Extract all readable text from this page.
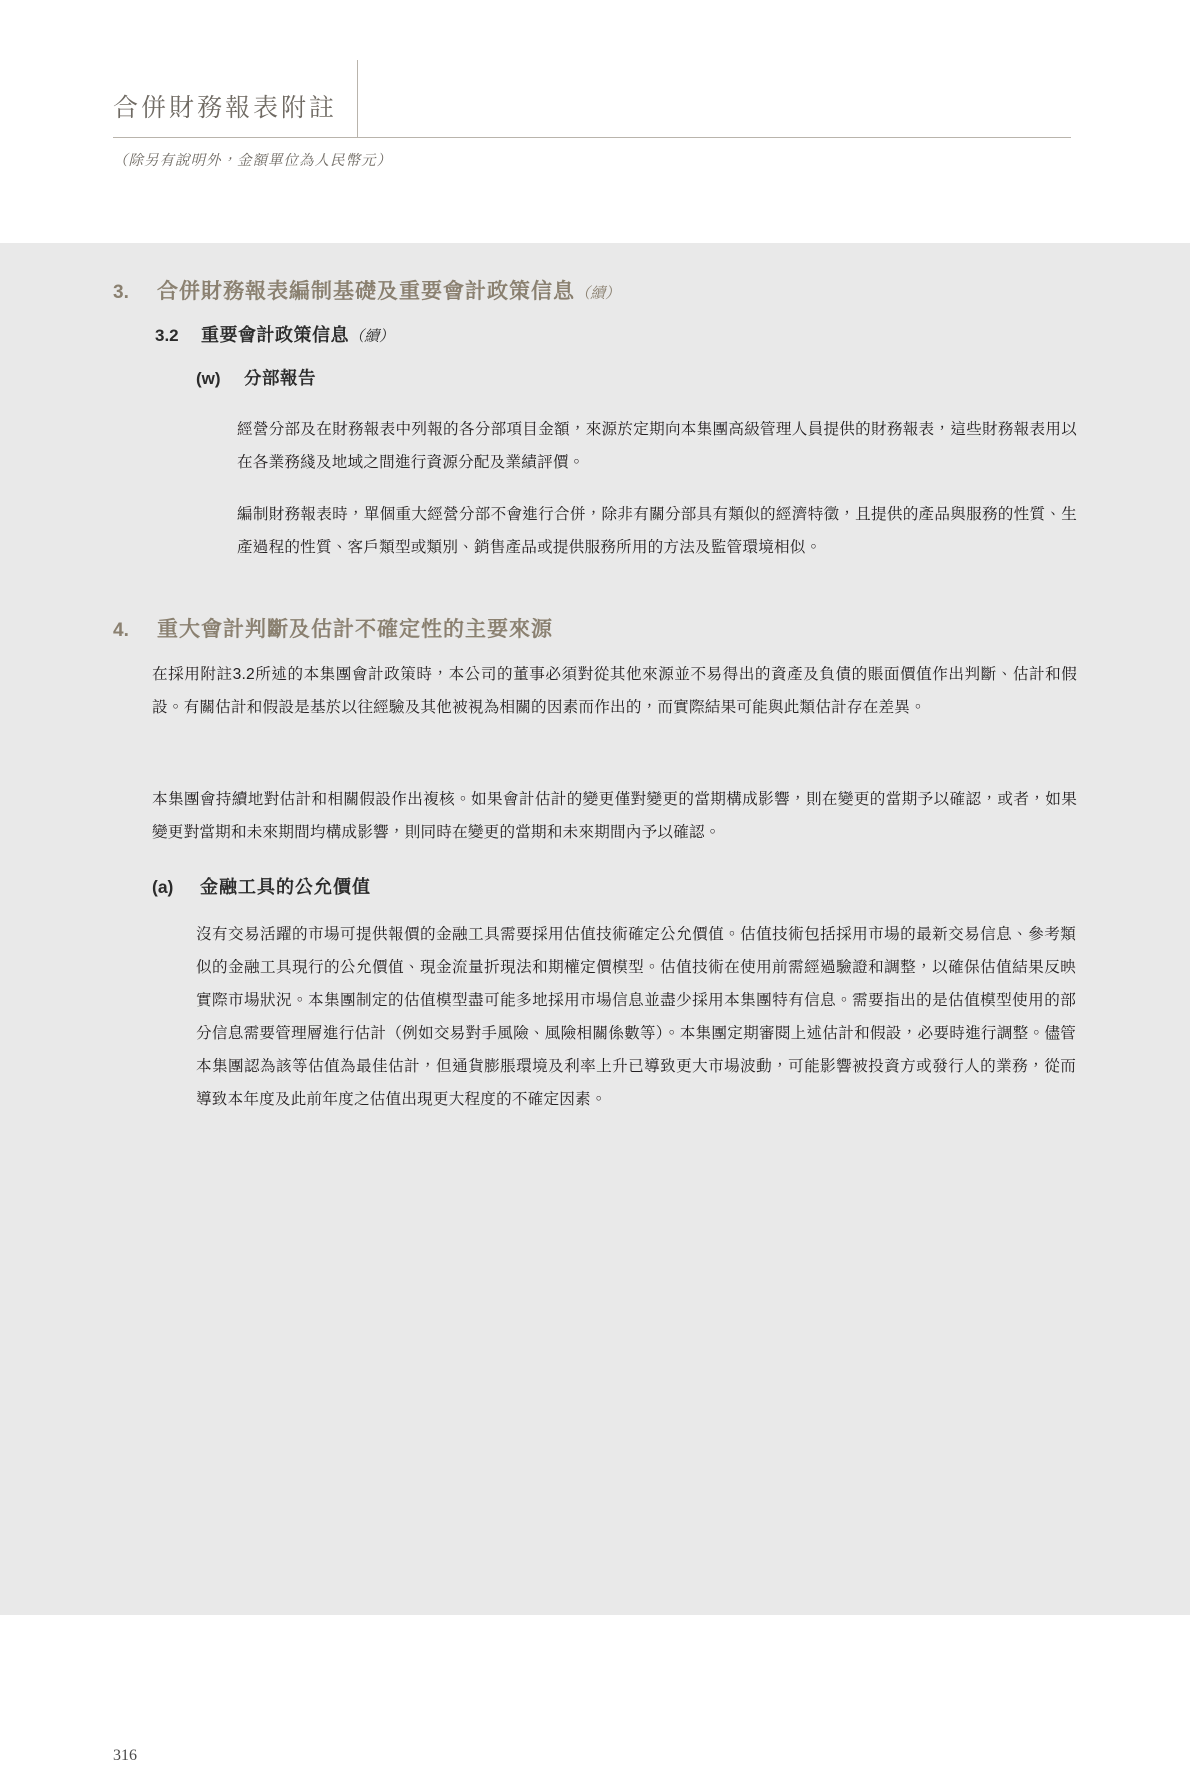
合併財務報表附註
（除另有說明外，金額單位為人民幣元）
3.	合併財務報表編制基礎及重要會計政策信息（續）
3.2	重要會計政策信息（續）
(w)	分部報告
經營分部及在財務報表中列報的各分部項目金額，來源於定期向本集團高級管理人員提供的財務報表，這些財務報表用以在各業務綫及地域之間進行資源分配及業績評價。
編制財務報表時，單個重大經營分部不會進行合併，除非有關分部具有類似的經濟特徵，且提供的產品與服務的性質、生產過程的性質、客戶類型或類別、銷售產品或提供服務所用的方法及監管環境相似。
4.	重大會計判斷及估計不確定性的主要來源
在採用附註3.2所述的本集團會計政策時，本公司的董事必須對從其他來源並不易得出的資產及負債的賬面價值作出判斷、估計和假設。有關估計和假設是基於以往經驗及其他被視為相關的因素而作出的，而實際結果可能與此類估計存在差異。
本集團會持續地對估計和相關假設作出複核。如果會計估計的變更僅對變更的當期構成影響，則在變更的當期予以確認，或者，如果變更對當期和未來期間均構成影響，則同時在變更的當期和未來期間內予以確認。
(a)	金融工具的公允價值
沒有交易活躍的市場可提供報價的金融工具需要採用估值技術確定公允價值。估值技術包括採用市場的最新交易信息、參考類似的金融工具現行的公允價值、現金流量折現法和期權定價模型。估值技術在使用前需經過驗證和調整，以確保估值結果反映實際市場狀況。本集團制定的估值模型盡可能多地採用市場信息並盡少採用本集團特有信息。需要指出的是估值模型使用的部分信息需要管理層進行估計（例如交易對手風險、風險相關係數等）。本集團定期審閱上述估計和假設，必要時進行調整。儘管本集團認為該等估值為最佳估計，但通貨膨脹環境及利率上升已導致更大市場波動，可能影響被投資方或發行人的業務，從而導致本年度及此前年度之估值出現更大程度的不確定因素。
316
